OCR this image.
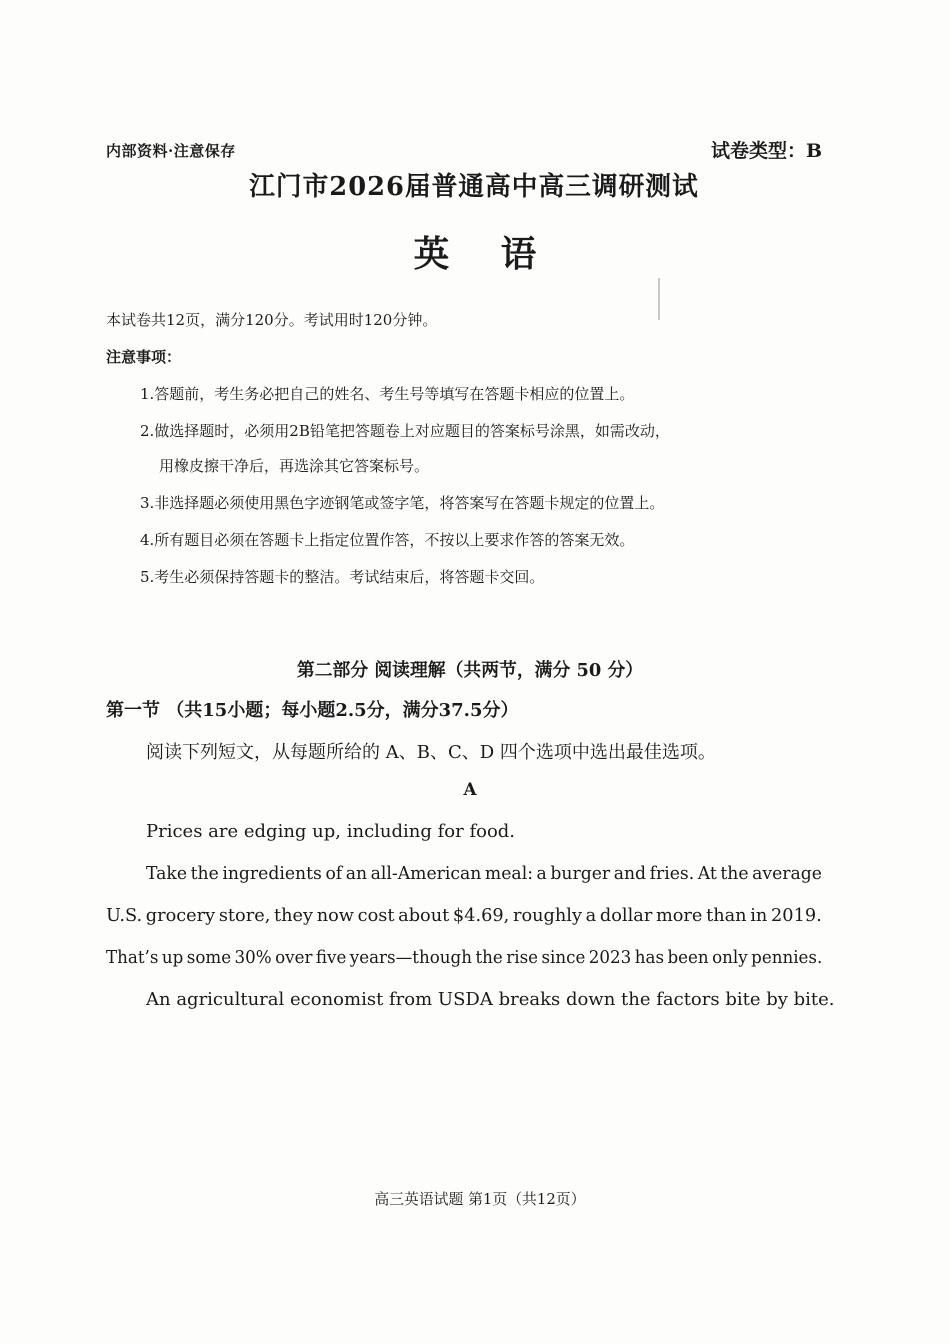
内部资料·注意保存	试卷类型：B
江门市2026届普通高中高三调研测试
英语
本试卷共12页，满分120分。考试用时120分钟。
注意事项：
1.答题前，考生务必把自己的姓名、考生号等填写在答题卡相应的位置上。
2.做选择题时，必须用2B铅笔把答题卷上对应题目的答案标号涂黑，如需改动，
用橡皮擦干净后，再选涂其它答案标号。
3.非选择题必须使用黑色字迹钢笔或签字笔，将答案写在答题卡规定的位置上。
4.所有题目必须在答题卡上指定位置作答，不按以上要求作答的答案无效。
5.考生必须保持答题卡的整洁。考试结束后，将答题卡交回。
第二部分 阅读理解（共两节，满分 50 分）
第一节 （共15小题；每小题2.5分，满分37.5分）
阅读下列短文，从每题所给的 A、B、C、D 四个选项中选出最佳选项。
A
Prices are edging up, including for food.
Take the ingredients of an all-American meal: a burger and fries. At the average
U.S. grocery store, they now cost about $4.69, roughly a dollar more than in 2019.
That’s up some 30% over five years—though the rise since 2023 has been only pennies.
An agricultural economist from USDA breaks down the factors bite by bite.
高三英语试题 第1页（共12页）
